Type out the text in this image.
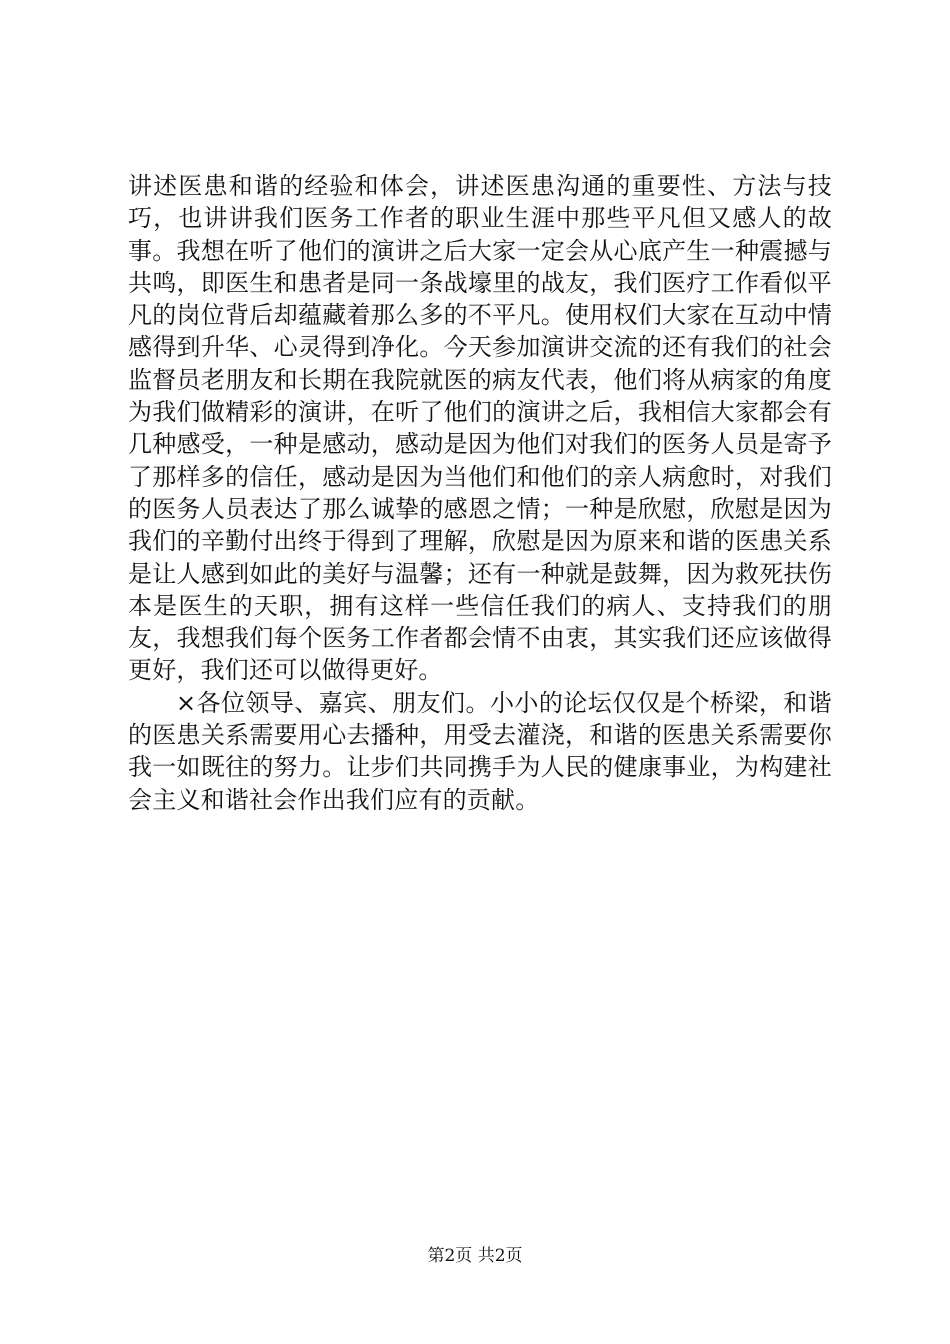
讲述医患和谐的经验和体会，讲述医患沟通的重要性、方法与技巧，也讲讲我们医务工作者的职业生涯中那些平凡但又感人的故事。我想在听了他们的演讲之后大家一定会从心底产生一种震撼与共鸣，即医生和患者是同一条战壕里的战友，我们医疗工作看似平凡的岗位背后却蕴藏着那么多的不平凡。使用权们大家在互动中情感得到升华、心灵得到净化。今天参加演讲交流的还有我们的社会监督员老朋友和长期在我院就医的病友代表，他们将从病家的角度为我们做精彩的演讲，在听了他们的演讲之后，我相信大家都会有几种感受，一种是感动，感动是因为他们对我们的医务人员是寄予了那样多的信任，感动是因为当他们和他们的亲人病愈时，对我们的医务人员表达了那么诚挚的感恩之情；一种是欣慰，欣慰是因为我们的辛勤付出终于得到了理解，欣慰是因为原来和谐的医患关系是让人感到如此的美好与温馨；还有一种就是鼓舞，因为救死扶伤本是医生的天职，拥有这样一些信任我们的病人、支持我们的朋友，我想我们每个医务工作者都会情不由衷，其实我们还应该做得更好，我们还可以做得更好。

×各位领导、嘉宾、朋友们。小小的论坛仅仅是个桥梁，和谐的医患关系需要用心去播种，用受去灌浇，和谐的医患关系需要你我一如既往的努力。让步们共同携手为人民的健康事业，为构建社会主义和谐社会作出我们应有的贡献。

第2页 共2页
